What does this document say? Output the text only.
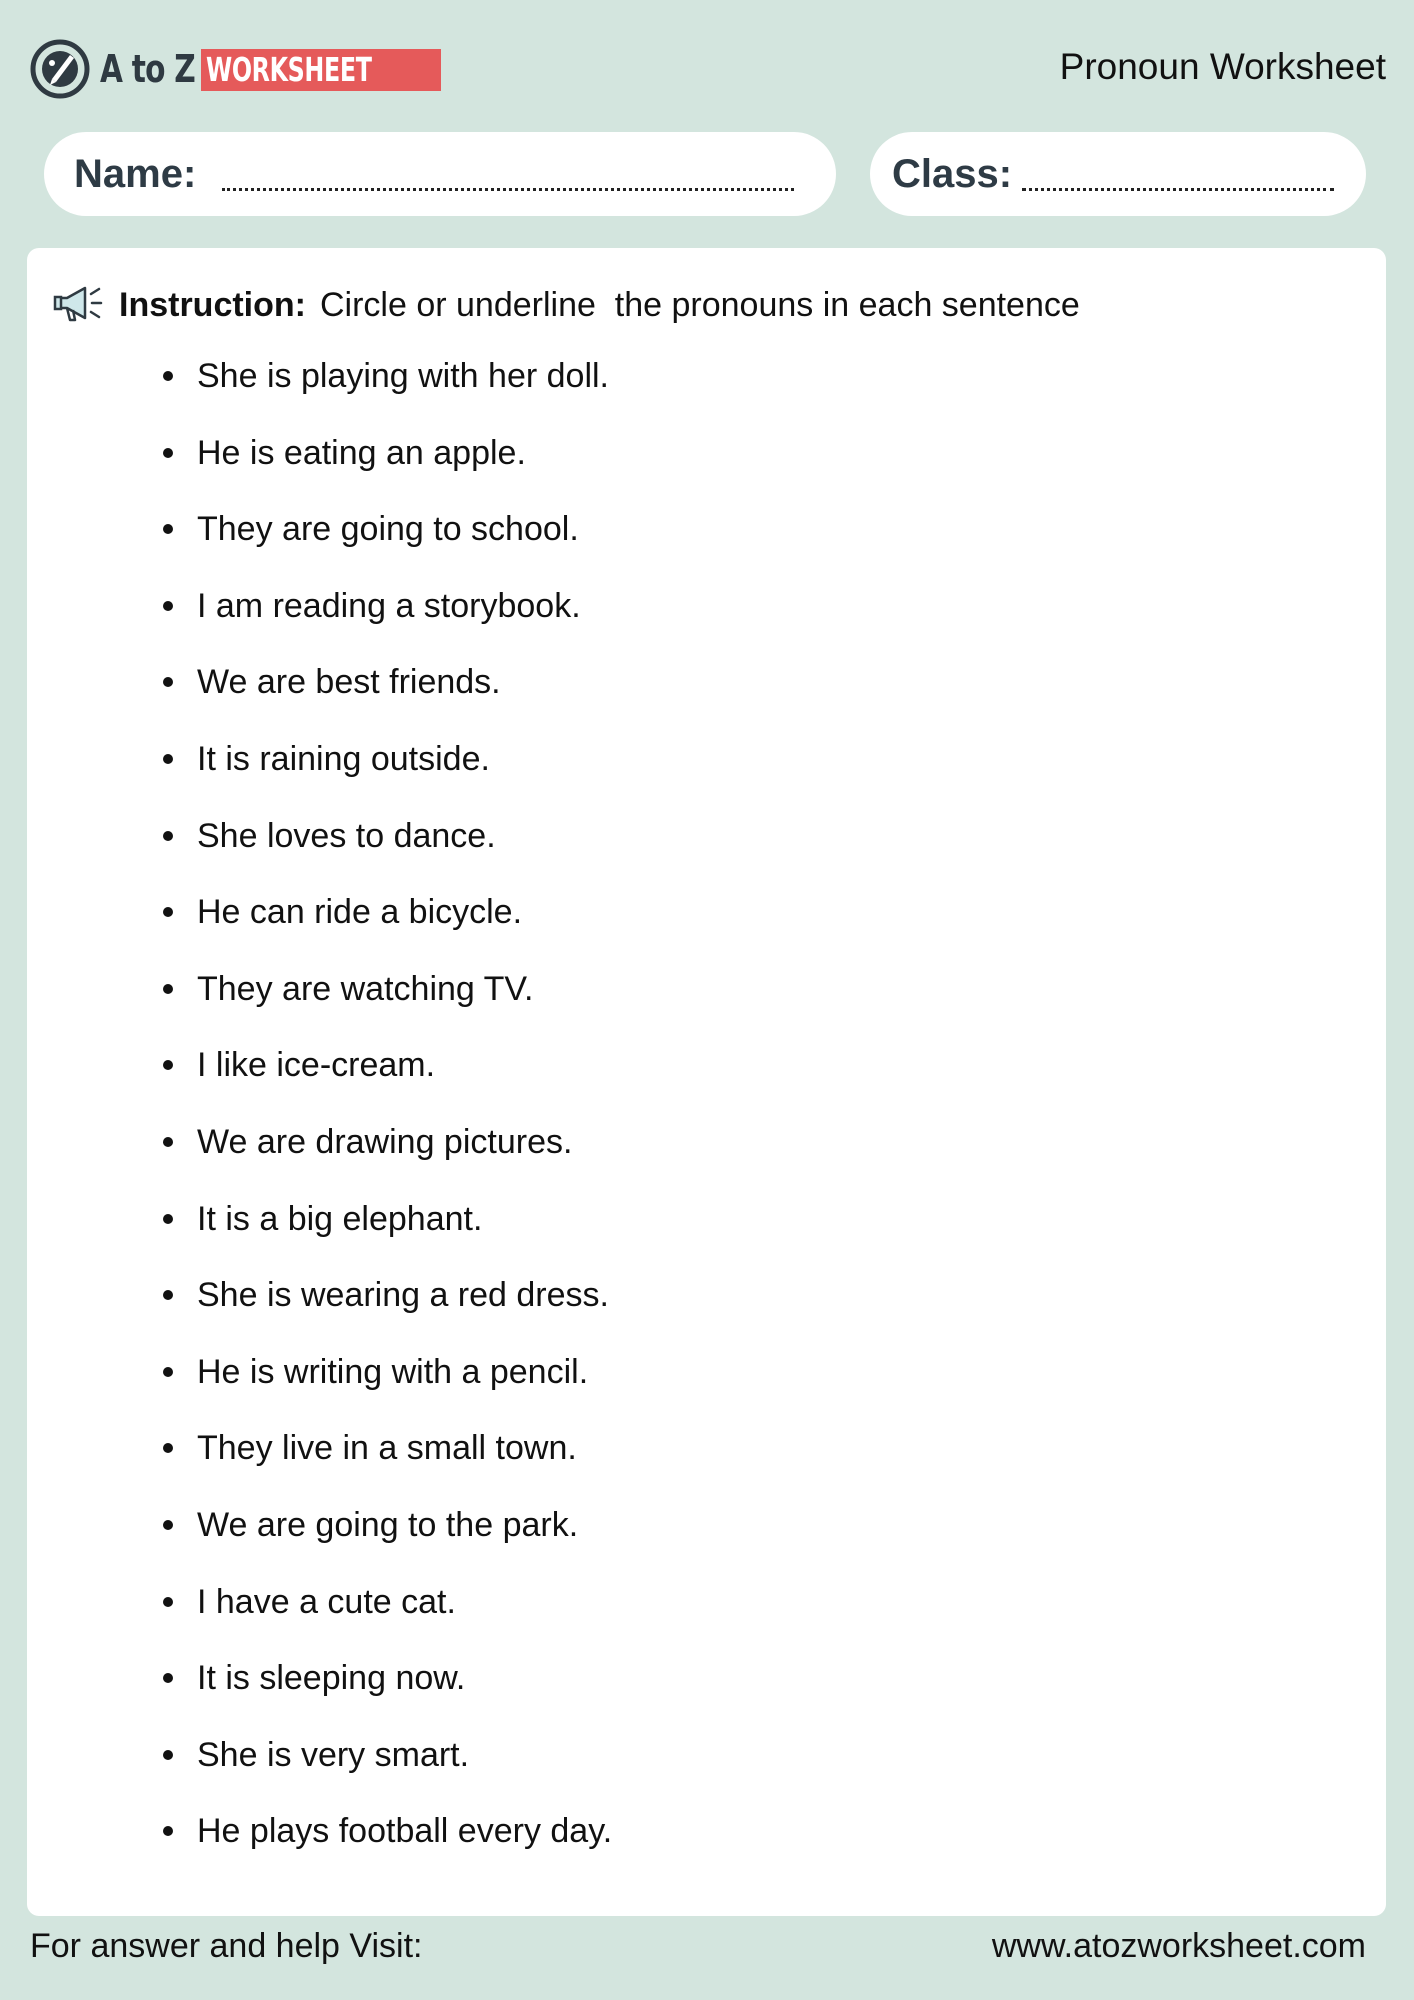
A to Z WORKSHEET	Pronoun Worksheet
Name:	Class:
Instruction: Circle or underline  the pronouns in each sentence
She is playing with her doll.
He is eating an apple.
They are going to school.
I am reading a storybook.
We are best friends.
It is raining outside.
She loves to dance.
He can ride a bicycle.
They are watching TV.
I like ice-cream.
We are drawing pictures.
It is a big elephant.
She is wearing a red dress.
He is writing with a pencil.
They live in a small town.
We are going to the park.
I have a cute cat.
It is sleeping now.
She is very smart.
He plays football every day.
For answer and help Visit:	www.atozworksheet.com
